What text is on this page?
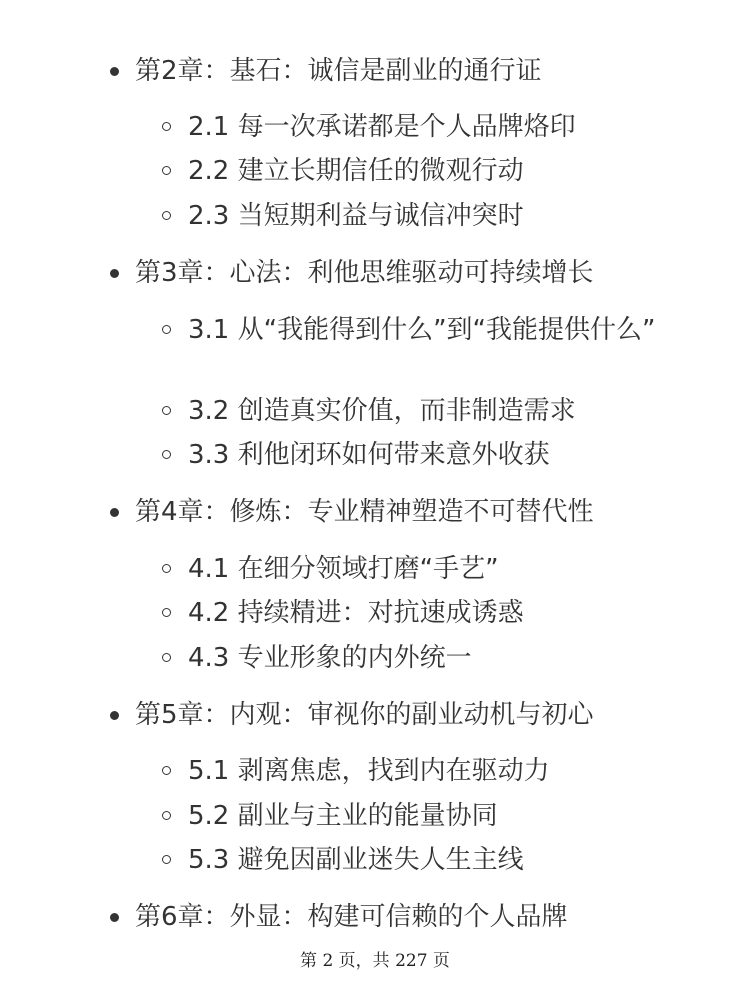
第2章：基石：诚信是副业的通行证
2.1 每一次承诺都是个人品牌烙印
2.2 建立长期信任的微观行动
2.3 当短期利益与诚信冲突时
第3章：心法：利他思维驱动可持续增长
3.1 从“我能得到什么”到“我能提供什么”
3.2 创造真实价值，而非制造需求
3.3 利他闭环如何带来意外收获
第4章：修炼：专业精神塑造不可替代性
4.1 在细分领域打磨“手艺”
4.2 持续精进：对抗速成诱惑
4.3 专业形象的内外统一
第5章：内观：审视你的副业动机与初心
5.1 剥离焦虑，找到内在驱动力
5.2 副业与主业的能量协同
5.3 避免因副业迷失人生主线
第6章：外显：构建可信赖的个人品牌
第 2 页，共 227 页
